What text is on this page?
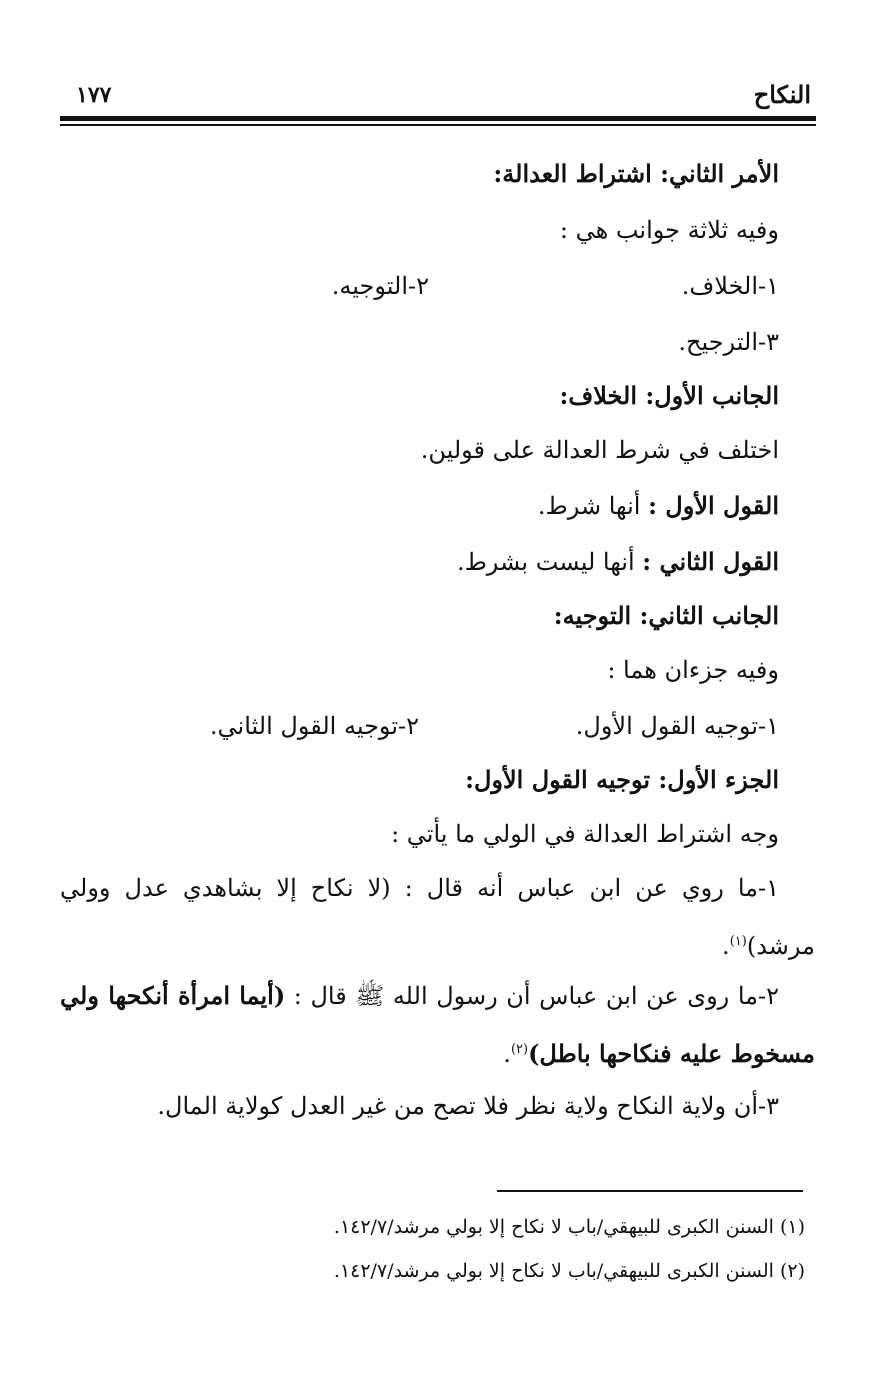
النكاح
١٧٧
الأمر الثاني: اشتراط العدالة:
وفيه ثلاثة جوانب هي :
١-الخلاف.
٢-التوجيه.
٣-الترجيح.
الجانب الأول: الخلاف:
اختلف في شرط العدالة على قولين.
القول الأول : أنها شرط.
القول الثاني : أنها ليست بشرط.
الجانب الثاني: التوجيه:
وفيه جزءان هما :
١-توجيه القول الأول.
٢-توجيه القول الثاني.
الجزء الأول: توجيه القول الأول:
وجه اشتراط العدالة في الولي ما يأتي :
١-ما روي عن ابن عباس أنه قال : (لا نكاح إلا بشاهدي عدل وولي
مرشد)$^{(١)}$.
٢-ما روى عن ابن عباس أن رسول الله ﷺ قال : (أيما امرأة أنكحها ولي
مسخوط عليه فنكاحها باطل)$^{(٢)}$.
٣-أن ولاية النكاح ولاية نظر فلا تصح من غير العدل كولاية المال.
(١) السنن الكبرى للبيهقي/باب لا نكاح إلا بولي مرشد/١٤٢/٧.
(٢) السنن الكبرى للبيهقي/باب لا نكاح إلا بولي مرشد/١٤٢/٧.
